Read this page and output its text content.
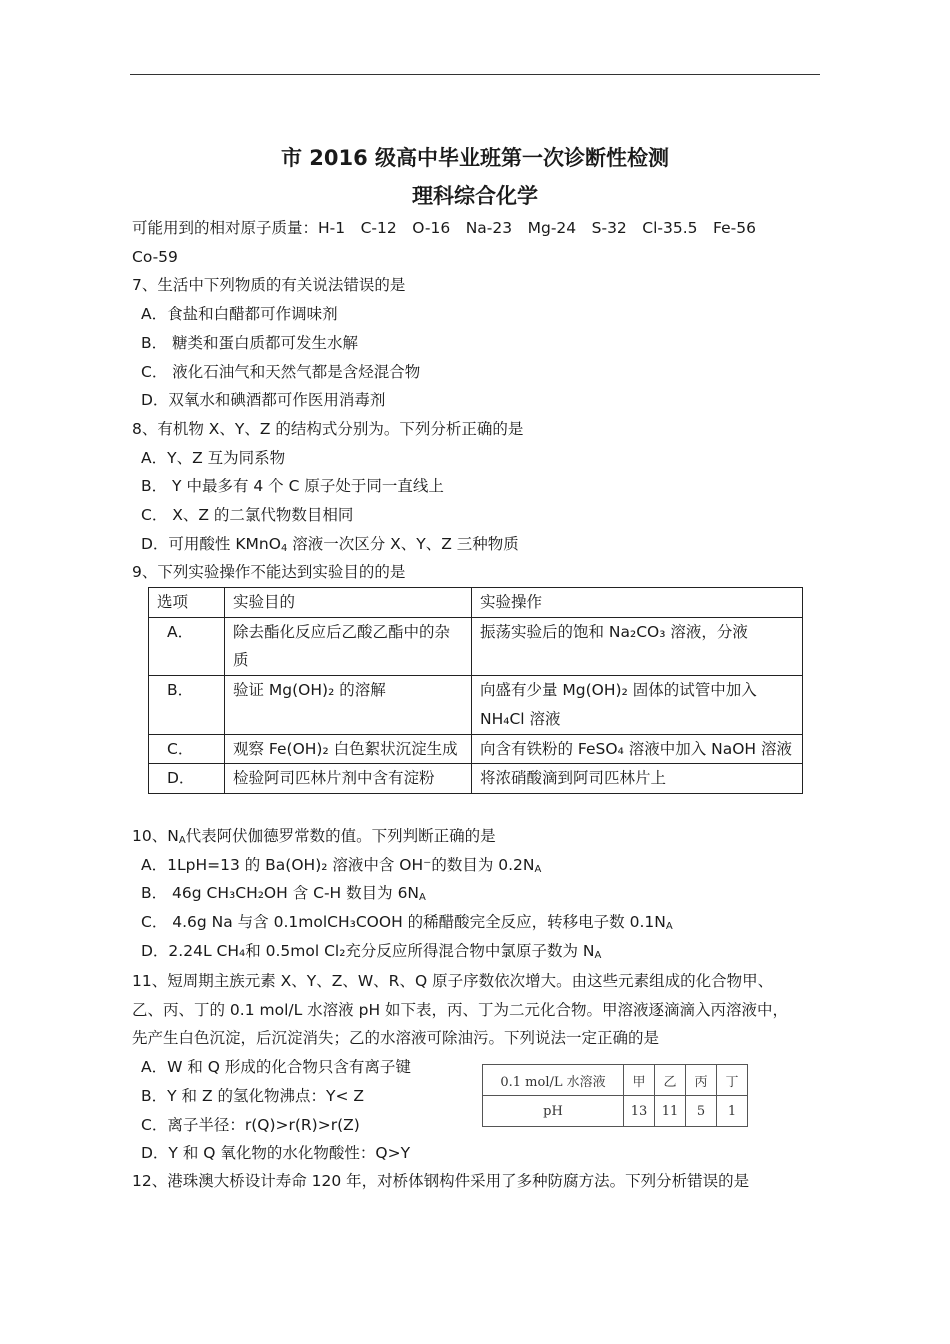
市 2016 级高中毕业班第一次诊断性检测
理科综合化学
可能用到的相对原子质量：H-1　C-12　O-16　Na-23　Mg-24　S-32　Cl-35.5　Fe-56
Co-59
7、生活中下列物质的有关说法错误的是
A．食盐和白醋都可作调味剂
B． 糖类和蛋白质都可发生水解
C． 液化石油气和天然气都是含烃混合物
D．双氧水和碘酒都可作医用消毒剂
8、有机物 X、Y、Z 的结构式分别为。下列分析正确的是
A．Y、Z 互为同系物
B． Y 中最多有 4 个 C 原子处于同一直线上
C． X、Z 的二氯代物数目相同
D．可用酸性 KMnO$_4$ 溶液一次区分 X、Y、Z 三种物质
9、下列实验操作不能达到实验目的的是
选项	实验目的	实验操作
A．	除去酯化反应后乙酸乙酯中的杂质	振荡实验后的饱和 Na₂CO₃ 溶液，分液
B．	验证 Mg(OH)₂ 的溶解	向盛有少量 Mg(OH)₂ 固体的试管中加入 NH₄Cl 溶液
C．	观察 Fe(OH)₂ 白色絮状沉淀生成	向含有铁粉的 FeSO₄ 溶液中加入 NaOH 溶液
D．	检验阿司匹林片剂中含有淀粉	将浓硝酸滴到阿司匹林片上
10、$N_A$代表阿伏伽德罗常数的值。下列判断正确的是
A．1LpH=13 的 Ba(OH)₂ 溶液中含 OH⁻的数目为 $0.2N_A$
B． 46g CH₃CH₂OH 含 C-H 数目为 $6N_A$
C． 4.6g Na 与含 0.1molCH₃COOH 的稀醋酸完全反应，转移电子数 $0.1N_A$
D．2.24L CH₄和 0.5mol Cl₂充分反应所得混合物中氯原子数为 $N_A$
11、短周期主族元素 X、Y、Z、W、R、Q 原子序数依次增大。由这些元素组成的化合物甲、
乙、丙、丁的 0.1 mol/L 水溶液 pH 如下表，丙、丁为二元化合物。甲溶液逐滴滴入丙溶液中，
先产生白色沉淀，后沉淀消失；乙的水溶液可除油污。下列说法一定正确的是
A．W 和 Q 形成的化合物只含有离子键
B．Y 和 Z 的氢化物沸点：Y< Z
C．离子半径：r(Q)>r(R)>r(Z)
D．Y 和 Q 氧化物的水化物酸性：Q>Y
0.1 mol/L 水溶液	甲	乙	丙	丁
pH	13	11	5	1
12、港珠澳大桥设计寿命 120 年，对桥体钢构件采用了多种防腐方法。下列分析错误的是
